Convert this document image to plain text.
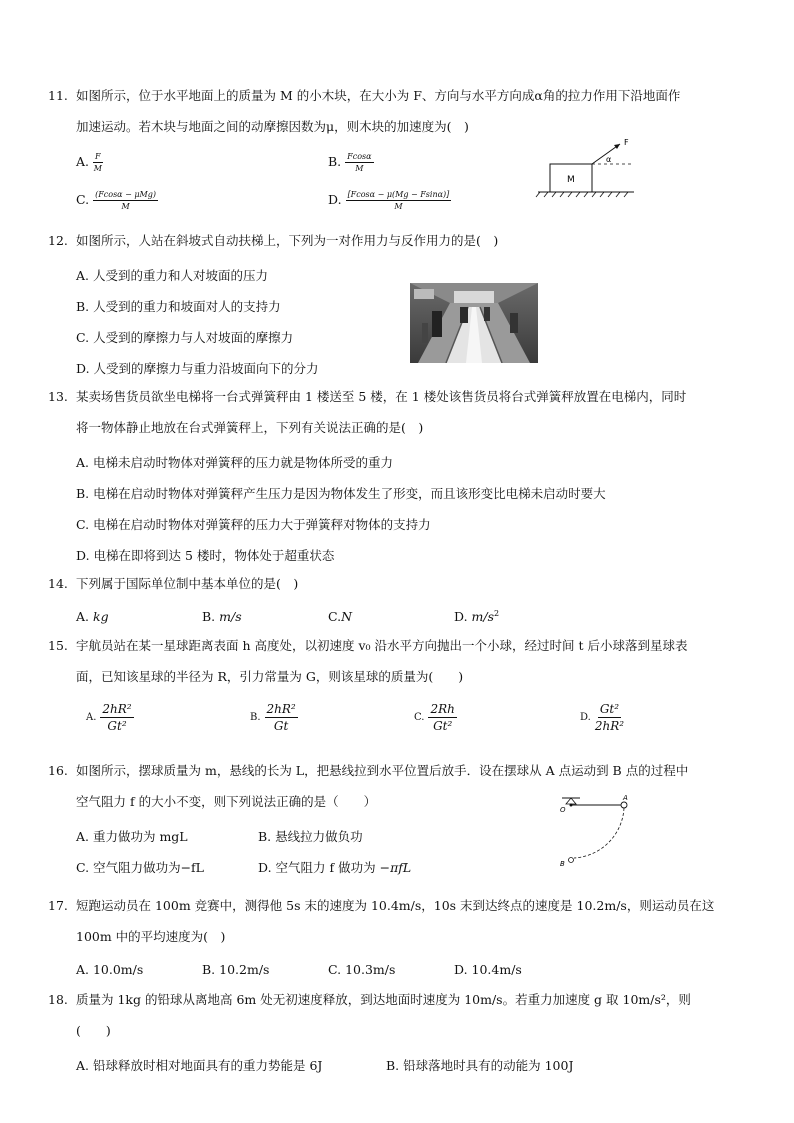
11. 如图所示，位于水平地面上的质量为 M 的小木块，在大小为 F、方向与水平方向成α角的拉力作用下沿地面作
加速运动。若木块与地面之间的动摩擦因数为μ，则木块的加速度为(　)
A. $\frac{F}{M}$	B. $\frac{Fcos\alpha}{M}$
C. $\frac{\text{(Fcosα − μMg)}}{M}$	D. $\frac{[Fcos\alpha - \mu(Mg - Fsin\alpha)]}{M}$
M
F
α
12. 如图所示，人站在斜坡式自动扶梯上，下列为一对作用力与反作用力的是(　)
A. 人受到的重力和人对坡面的压力
B. 人受到的重力和坡面对人的支持力
C. 人受到的摩擦力与人对坡面的摩擦力
D. 人受到的摩擦力与重力沿坡面向下的分力
13. 某卖场售货员欲坐电梯将一台式弹簧秤由 1 楼送至 5 楼，在 1 楼处该售货员将台式弹簧秤放置在电梯内，同时
将一物体静止地放在台式弹簧秤上，下列有关说法正确的是(　)
A. 电梯未启动时物体对弹簧秤的压力就是物体所受的重力
B. 电梯在启动时物体对弹簧秤产生压力是因为物体发生了形变，而且该形变比电梯未启动时要大
C. 电梯在启动时物体对弹簧秤的压力大于弹簧秤对物体的支持力
D. 电梯在即将到达 5 楼时，物体处于超重状态
14. 下列属于国际单位制中基本单位的是(　)
A. kg	B. m/s	C.N	D. $m/s^2$
15. 宇航员站在某一星球距离表面 h 高度处，以初速度 v₀ 沿水平方向抛出一个小球，经过时间 t 后小球落到星球表
面，已知该星球的半径为 R，引力常量为 G，则该星球的质量为(　　)
A. $\frac{\text{2hR²}}{\text{Gt²}}$	B. $\frac{\text{2hR²}}{Gt}$	C. $\frac{2Rh}{\text{Gt²}}$	D. $\frac{\text{Gt²}}{\text{2hR²}}$
16. 如图所示，摆球质量为 m，悬线的长为 L，把悬线拉到水平位置后放手．设在摆球从 A 点运动到 B 点的过程中
空气阻力 f 的大小不变，则下列说法正确的是（　　）
A. 重力做功为 mgL	B. 悬线拉力做负功
C. 空气阻力做功为−fL	D. 空气阻力 f 做功为 −πfL
O
A
B
17. 短跑运动员在 100m 竞赛中，测得他 5s 末的速度为 10.4m/s，10s 末到达终点的速度是 10.2m/s，则运动员在这
100m 中的平均速度为(　)
A. 10.0m/s	B. 10.2m/s	C. 10.3m/s	D. 10.4m/s
18. 质量为 1kg 的铅球从离地高 6m 处无初速度释放，到达地面时速度为 10m/s。若重力加速度 g 取 10m/s²，则
(　　)
A. 铅球释放时相对地面具有的重力势能是 6J	B. 铅球落地时具有的动能为 100J
